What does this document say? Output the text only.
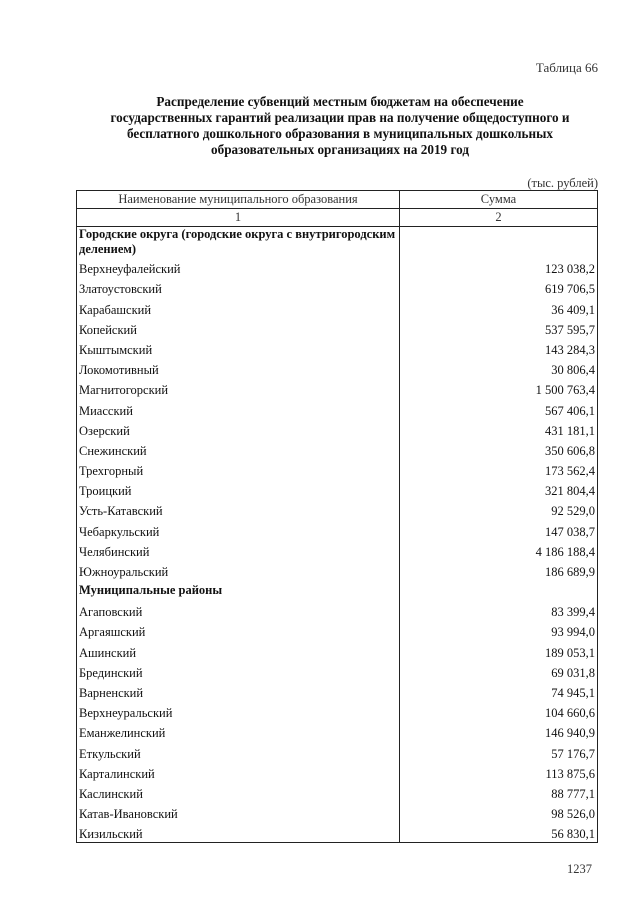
Таблица 66
Распределение субвенций местным бюджетам на обеспечение
государственных гарантий реализации прав на получение общедоступного и
бесплатного дошкольного образования в муниципальных дошкольных
образовательных организациях на 2019 год
(тыс. рублей)
Наименование муниципального образования	Сумма
1	2
Городские округа (городские округа с внутригородским делением)	
Верхнеуфалейский	123 038,2
Златоустовский	619 706,5
Карабашский	36 409,1
Копейский	537 595,7
Кыштымский	143 284,3
Локомотивный	30 806,4
Магнитогорский	1 500 763,4
Миасский	567 406,1
Озерский	431 181,1
Снежинский	350 606,8
Трехгорный	173 562,4
Троицкий	321 804,4
Усть-Катавский	92 529,0
Чебаркульский	147 038,7
Челябинский	4 186 188,4
Южноуральский	186 689,9
Муниципальные районы	
Агаповский	83 399,4
Аргаяшский	93 994,0
Ашинский	189 053,1
Брединский	69 031,8
Варненский	74 945,1
Верхнеуральский	104 660,6
Еманжелинский	146 940,9
Еткульский	57 176,7
Карталинский	113 875,6
Каслинский	88 777,1
Катав-Ивановский	98 526,0
Кизильский	56 830,1
1237
